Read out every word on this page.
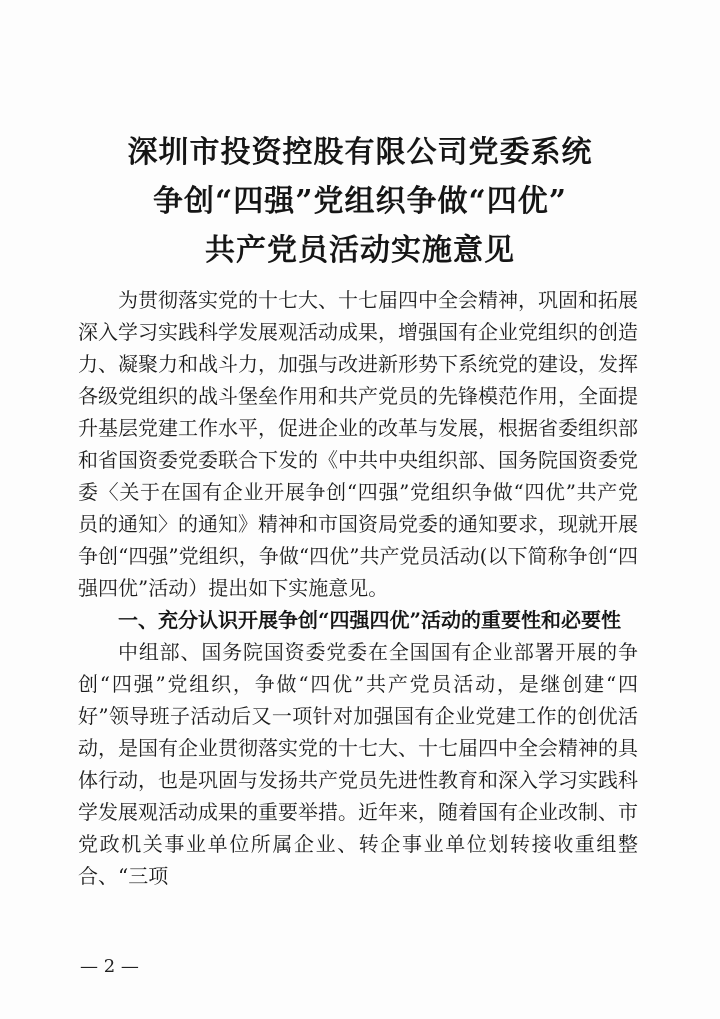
深圳市投资控股有限公司党委系统
争创“四强”党组织争做“四优”
共产党员活动实施意见

为贯彻落实党的十七大、十七届四中全会精神，巩固和拓展深入学习实践科学发展观活动成果，增强国有企业党组织的创造力、凝聚力和战斗力，加强与改进新形势下系统党的建设，发挥各级党组织的战斗堡垒作用和共产党员的先锋模范作用，全面提升基层党建工作水平，促进企业的改革与发展，根据省委组织部和省国资委党委联合下发的《中共中央组织部、国务院国资委党委〈关于在国有企业开展争创“四强”党组织争做“四优”共产党员的通知〉的通知》精神和市国资局党委的通知要求，现就开展争创“四强”党组织，争做“四优”共产党员活动(以下简称争创“四强四优”活动）提出如下实施意见。

一、充分认识开展争创“四强四优”活动的重要性和必要性

中组部、国务院国资委党委在全国国有企业部署开展的争创“四强”党组织，争做“四优”共产党员活动，是继创建“四好”领导班子活动后又一项针对加强国有企业党建工作的创优活动，是国有企业贯彻落实党的十七大、十七届四中全会精神的具体行动，也是巩固与发扬共产党员先进性教育和深入学习实践科学发展观活动成果的重要举措。近年来，随着国有企业改制、市党政机关事业单位所属企业、转企事业单位划转接收重组整合、“三项

— 2 —
